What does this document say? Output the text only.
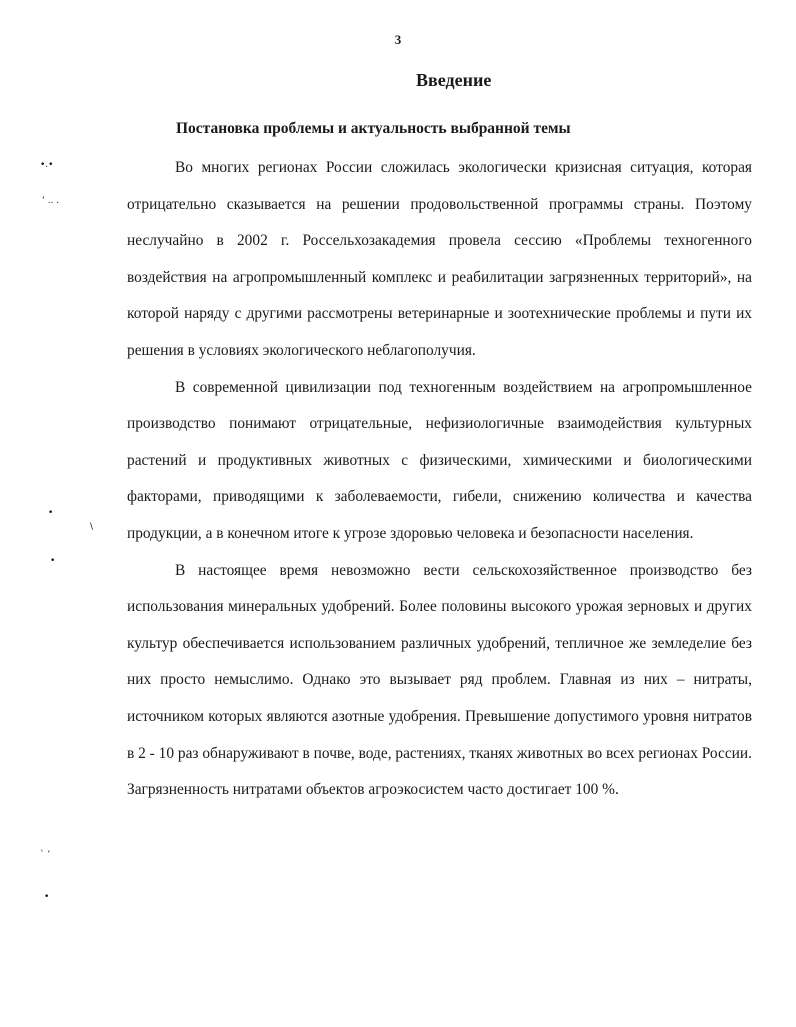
3
Введение
Постановка проблемы и актуальность выбранной темы

Во многих регионах России сложилась экологически кризисная ситуация, которая отрицательно сказывается на решении продовольственной программы страны. Поэтому неслучайно в 2002 г. Россельхозакадемия провела сессию «Проблемы техногенного воздействия на агропромышленный комплекс и реабилитации загрязненных территорий», на которой наряду с другими рассмотрены ветеринарные и зоотехнические проблемы и пути их решения в условиях экологического неблагополучия.

В современной цивилизации под техногенным воздействием на агропромышленное производство понимают отрицательные, нефизиологичные взаимодействия культурных растений и продуктивных животных с физическими, химическими и биологическими факторами, приводящими к заболеваемости, гибели, снижению количества и качества продукции, а в конечном итоге к угрозе здоровью человека и безопасности населения.

В настоящее время невозможно вести сельскохозяйственное производство без использования минеральных удобрений. Более половины высокого урожая зерновых и других культур обеспечивается использованием различных удобрений, тепличное же земледелие без них просто немыслимо. Однако это вызывает ряд проблем. Главная из них – нитраты, источником которых являются азотные удобрения. Превышение допустимого уровня нитратов в 2 - 10 раз обнаруживают в почве, воде, растениях, тканях животных во всех регионах России. Загрязненность нитратами объектов агроэкосистем часто достигает 100 %.

•.•
ʻ .. .
•
\
•
` ʼ
•
